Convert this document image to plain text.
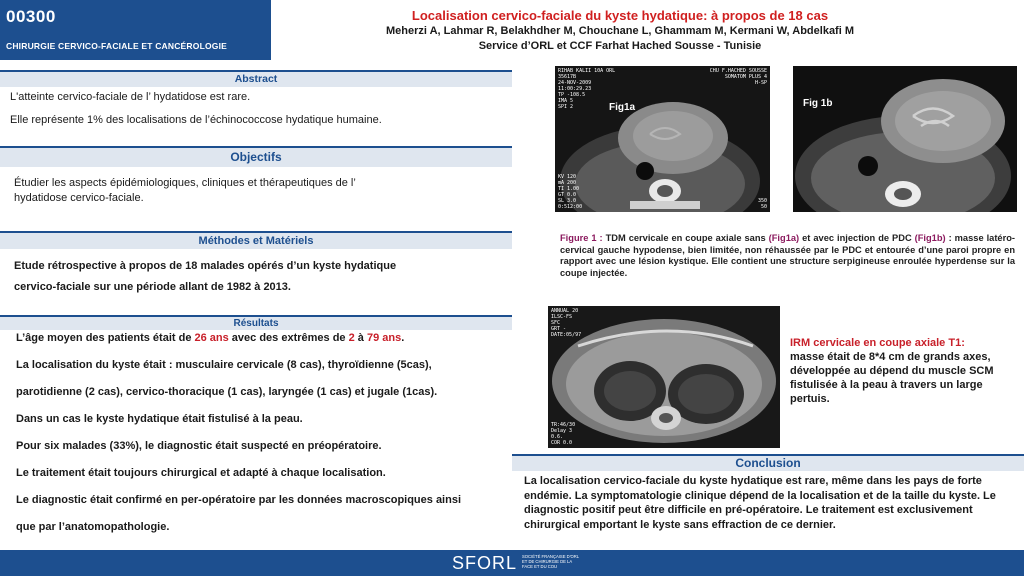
00300
CHIRURGIE CERVICO-FACIALE ET CANCÉROLOGIE
Localisation cervico-faciale du kyste hydatique: à propos de 18 cas
Meherzi A, Lahmar R, Belakhdher M, Chouchane L, Ghammam M, Kermani W, Abdelkafi M
Service d’ORL et CCF Farhat Hached Sousse - Tunisie
Abstract

L'atteinte cervico-faciale de l’ hydatidose est rare.

Elle représente 1% des localisations de l’échinococcose hydatique humaine.

Objectifs

Étudier les aspects épidémiologiques, cliniques et thérapeutiques de l’

hydatidose cervico-faciale.

Méthodes et Matériels

Etude rétrospective à propos de 18 malades opérés d’un kyste hydatique

cervico-faciale sur une période allant de 1982 à 2013.

Résultats

L’âge moyen des patients était de 26 ans avec des extrêmes de 2 à 79 ans.

La localisation du kyste était : musculaire cervicale (8 cas), thyroïdienne (5cas),

parotidienne (2 cas), cervico-thoracique (1 cas), laryngée (1 cas) et jugale (1cas).

Dans un cas le kyste hydatique était fistulisé à la peau.

Pour six malades (33%), le diagnostic était suspecté en préopératoire.

Le traitement était toujours chirurgical et adapté à chaque localisation.

Le diagnostic était confirmé en per-opératoire par les données macroscopiques ainsi

que par l’anatomopathologie.

RIHAB KALII 10A ORL
35617B
24-NOV-2009
11:00:29.23
TP -108.5
IMA 5
SPI 2
CHU F.HACHED SOUSSE
SOMATOM PLUS 4
H-SP
KV 120
mA 200
TI 1.00
GT 0.0
SL 3.0
0:512:00
350
50
Fig1a	Fig 1b
Figure 1 : TDM cervicale en coupe axiale sans (Fig1a) et avec injection de PDC (Fig1b) : masse latéro-cervical gauche hypodense, bien limitée, non réhaussée par le PDC et entourée d’une paroi propre en rapport avec une lésion kystique. Elle contient une structure serpigineuse enroulée hyperdense sur la coupe injectée.
ANNUAL 20
ILSC-FS
SFC
GRT -
DATE:05/97
TR:46/30
Delay 3
0.6.
COR 0.0
IRM cervicale en coupe axiale T1:
masse était de 8*4 cm de grands axes, développée au dépend du muscle SCM fistulisée à la peau à travers un large pertuis.
Conclusion
La localisation cervico-faciale du kyste hydatique est rare, même dans les pays de forte endémie. La symptomatologie clinique dépend de la localisation et de la taille du kyste. Le diagnostic positif peut être difficile en pré-opératoire. Le traitement est exclusivement chirurgical emportant le kyste sans effraction de ce dernier.
SFORL SOCIÉTÉ FRANÇAISE D'ORL ET DE CHIRURGIE DE LA FACE ET DU COU
